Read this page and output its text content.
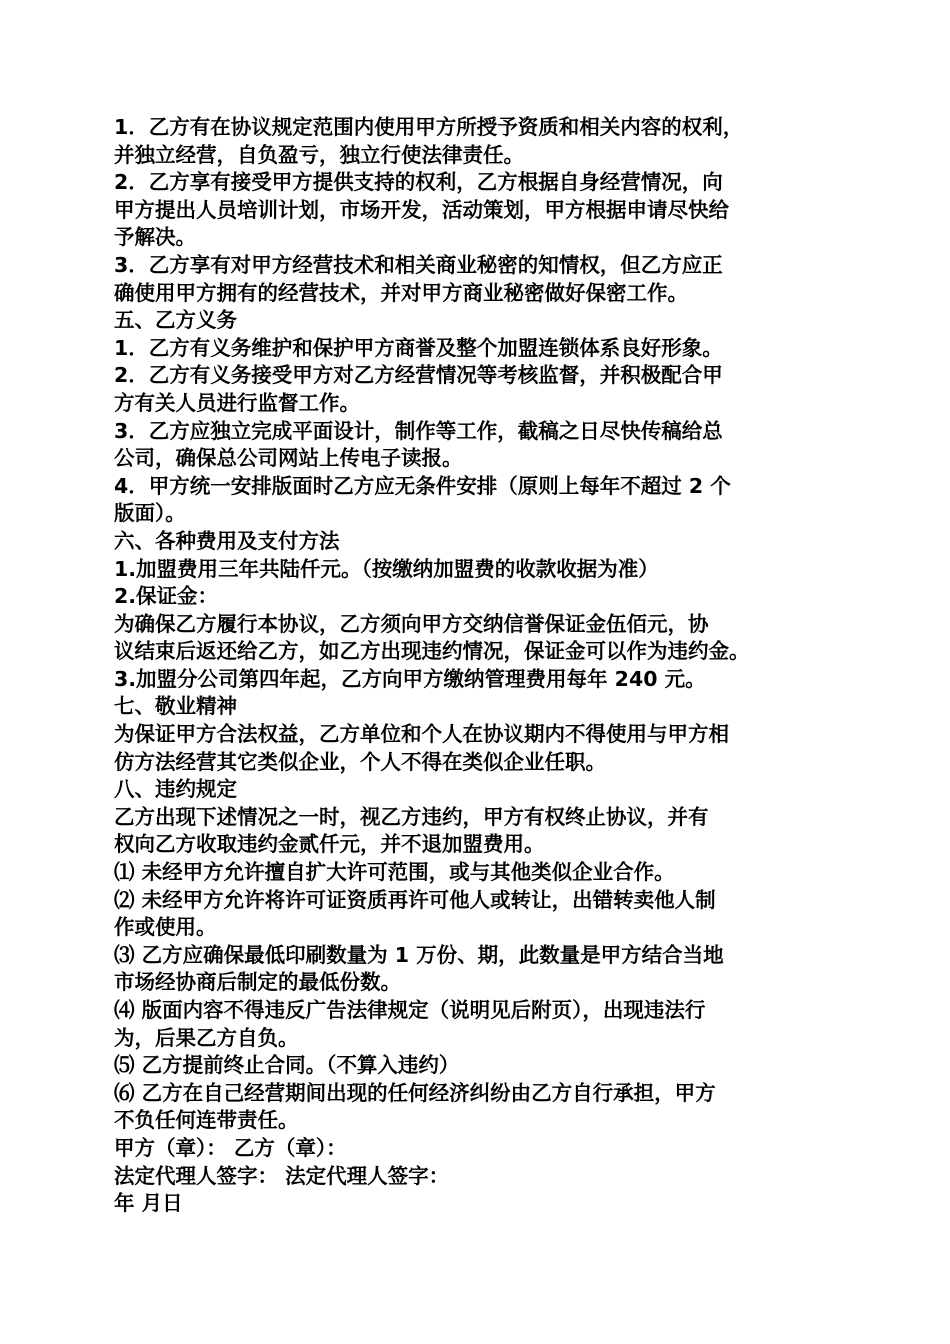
1．乙方有在协议规定范围内使用甲方所授予资质和相关内容的权利，
并独立经营，自负盈亏，独立行使法律责任。
2．乙方享有接受甲方提供支持的权利，乙方根据自身经营情况，向
甲方提出人员培训计划，市场开发，活动策划，甲方根据申请尽快给
予解决。
3．乙方享有对甲方经营技术和相关商业秘密的知情权，但乙方应正
确使用甲方拥有的经营技术，并对甲方商业秘密做好保密工作。
五、乙方义务
1．乙方有义务维护和保护甲方商誉及整个加盟连锁体系良好形象。
2．乙方有义务接受甲方对乙方经营情况等考核监督，并积极配合甲
方有关人员进行监督工作。
3．乙方应独立完成平面设计，制作等工作，截稿之日尽快传稿给总
公司，确保总公司网站上传电子读报。
4．甲方统一安排版面时乙方应无条件安排（原则上每年不超过 2 个
版面）。
六、各种费用及支付方法
1.加盟费用三年共陆仟元。（按缴纳加盟费的收款收据为准）
2.保证金：
为确保乙方履行本协议，乙方须向甲方交纳信誉保证金伍佰元，协
议结束后返还给乙方，如乙方出现违约情况，保证金可以作为违约金。
3.加盟分公司第四年起，乙方向甲方缴纳管理费用每年 240 元。
七、敬业精神
为保证甲方合法权益，乙方单位和个人在协议期内不得使用与甲方相
仿方法经营其它类似企业，个人不得在类似企业任职。
八、违约规定
乙方出现下述情况之一时，视乙方违约，甲方有权终止协议，并有
权向乙方收取违约金贰仟元，并不退加盟费用。
⑴ 未经甲方允许擅自扩大许可范围，或与其他类似企业合作。
⑵ 未经甲方允许将许可证资质再许可他人或转让，出错转卖他人制
作或使用。
⑶ 乙方应确保最低印刷数量为 1 万份、期，此数量是甲方结合当地
市场经协商后制定的最低份数。
⑷ 版面内容不得违反广告法律规定（说明见后附页），出现违法行
为，后果乙方自负。
⑸ 乙方提前终止合同。（不算入违约）
⑹ 乙方在自己经营期间出现的任何经济纠纷由乙方自行承担，甲方
不负任何连带责任。
甲方（章）： 乙方（章）：
法定代理人签字： 法定代理人签字：
年 月日
